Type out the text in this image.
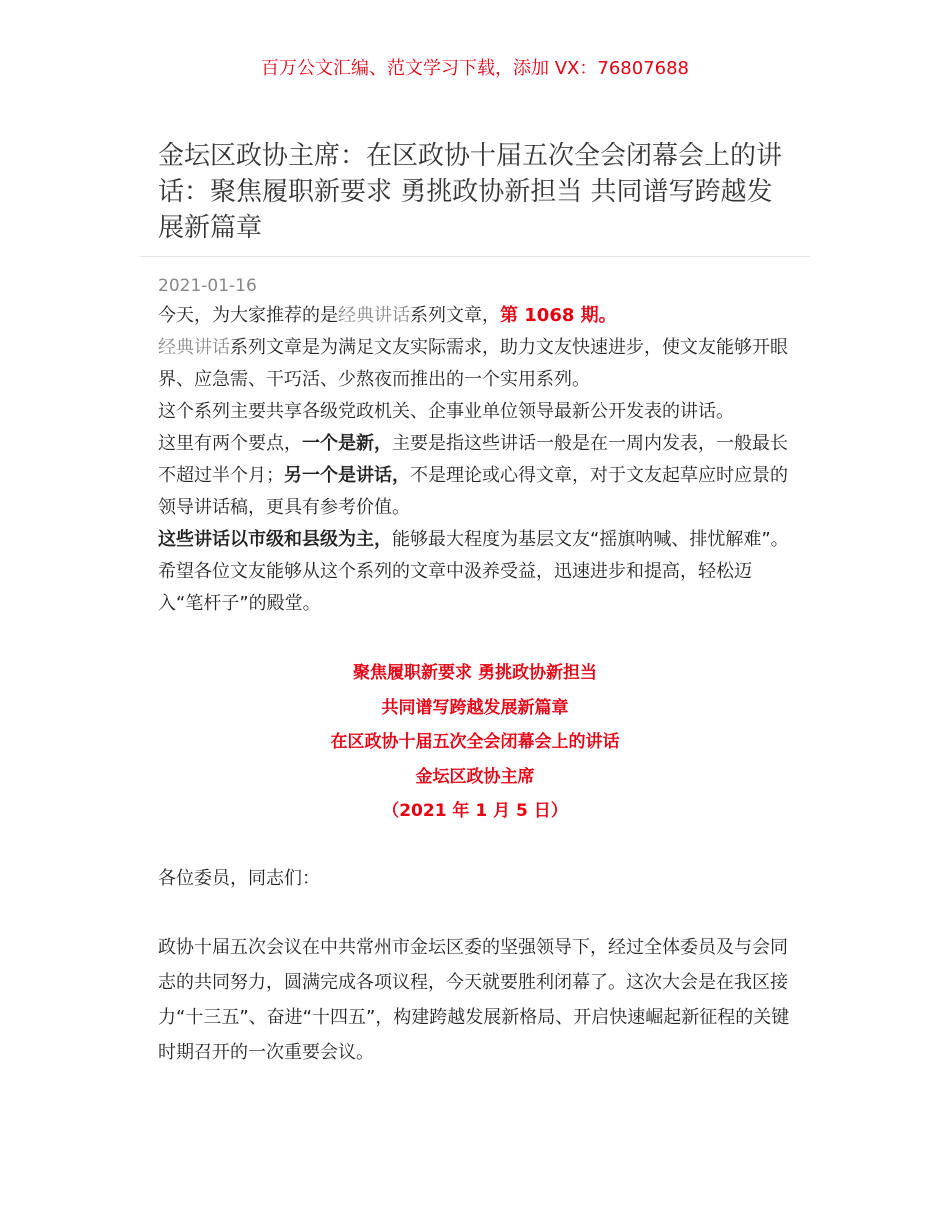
百万公文汇编、范文学习下载，添加 VX：76807688
金坛区政协主席：在区政协十届五次全会闭幕会上的讲话：聚焦履职新要求 勇挑政协新担当 共同谱写跨越发展新篇章
2021-01-16

今天，为大家推荐的是经典讲话系列文章，第 1068 期。

经典讲话系列文章是为满足文友实际需求，助力文友快速进步，使文友能够开眼界、应急需、干巧活、少熬夜而推出的一个实用系列。

这个系列主要共享各级党政机关、企事业单位领导最新公开发表的讲话。

这里有两个要点，一个是新，主要是指这些讲话一般是在一周内发表，一般最长不超过半个月；另一个是讲话，不是理论或心得文章，对于文友起草应时应景的领导讲话稿，更具有参考价值。

这些讲话以市级和县级为主，能够最大程度为基层文友“摇旗呐喊、排忧解难”。希望各位文友能够从这个系列的文章中汲养受益，迅速进步和提高，轻松迈入“笔杆子”的殿堂。

聚焦履职新要求 勇挑政协新担当
共同谱写跨越发展新篇章
在区政协十届五次全会闭幕会上的讲话
金坛区政协主席
（2021 年 1 月 5 日）
各位委员，同志们：

政协十届五次会议在中共常州市金坛区委的坚强领导下，经过全体委员及与会同志的共同努力，圆满完成各项议程，今天就要胜利闭幕了。这次大会是在我区接力“十三五”、奋进“十四五”，构建跨越发展新格局、开启快速崛起新征程的关键时期召开的一次重要会议。
